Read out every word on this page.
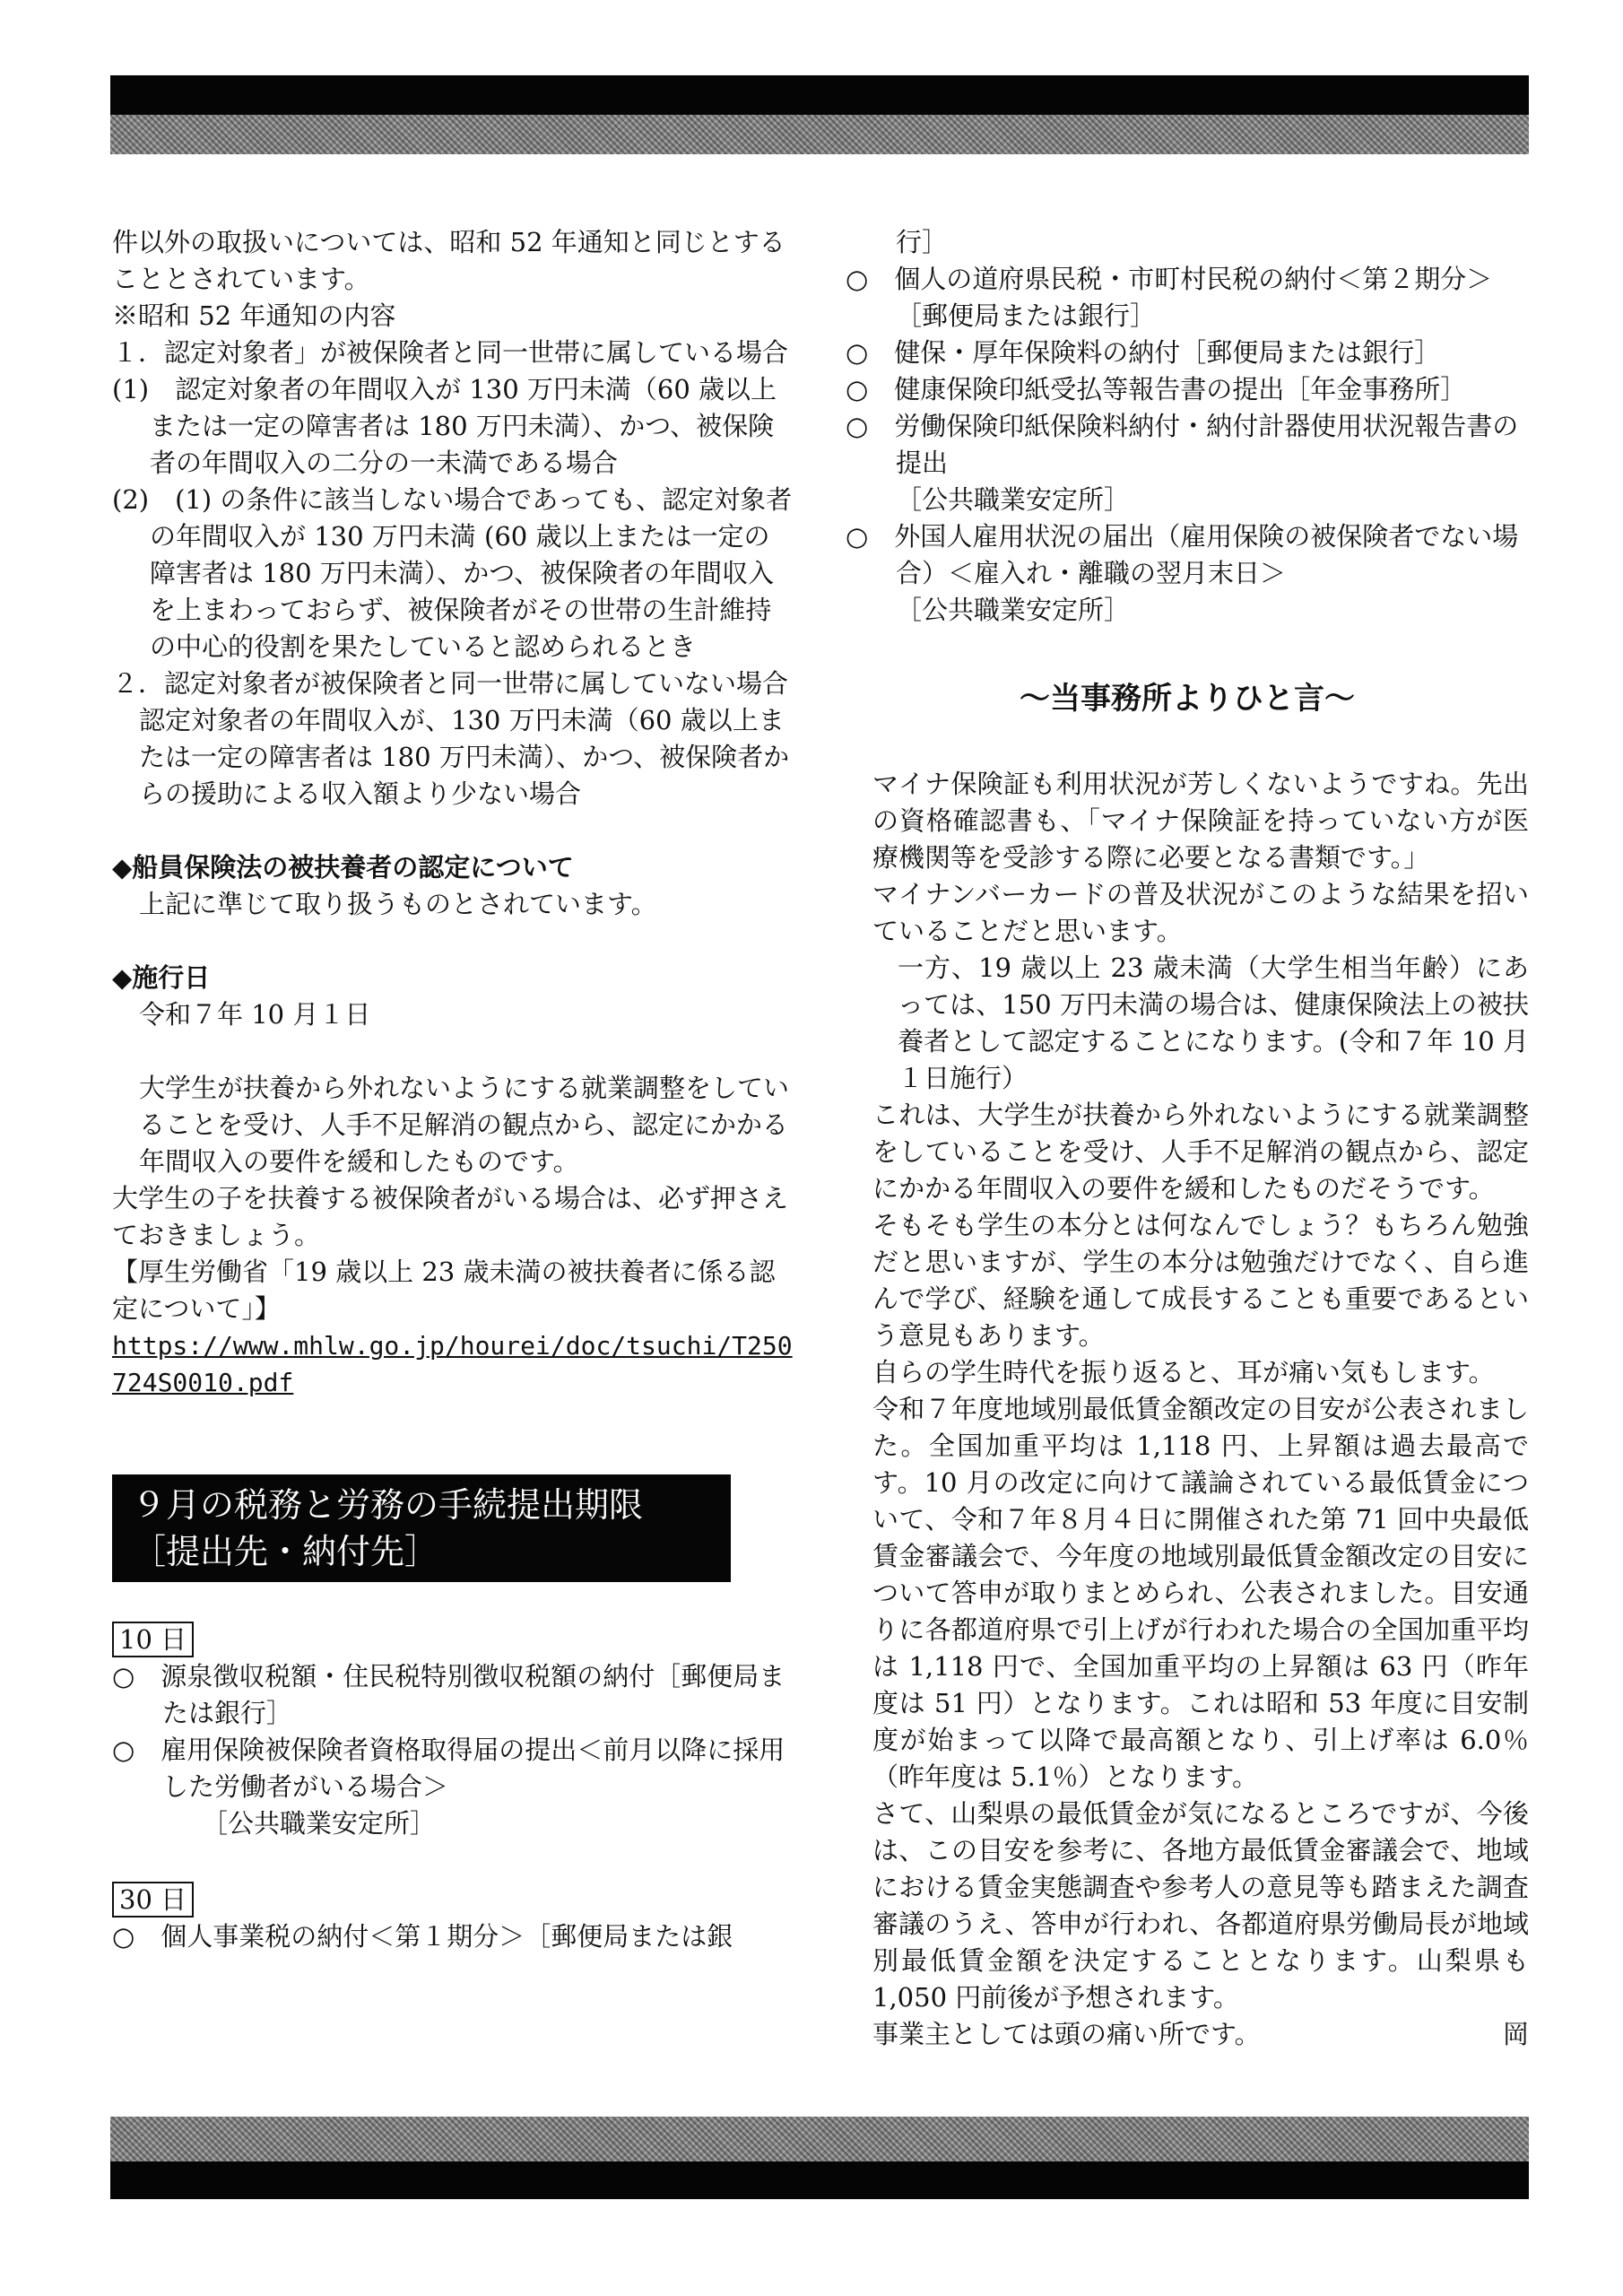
件以外の取扱いについては、昭和 52 年通知と同じとすることとされています。

※昭和 52 年通知の内容

１．認定対象者」が被保険者と同一世帯に属している場合

(1)　認定対象者の年間収入が 130 万円未満（60 歳以上または一定の障害者は 180 万円未満）、かつ、被保険者の年間収入の二分の一未満である場合

(2)　(1) の条件に該当しない場合であっても、認定対象者の年間収入が 130 万円未満 (60 歳以上または一定の障害者は 180 万円未満）、かつ、被保険者の年間収入を上まわっておらず、被保険者がその世帯の生計維持の中心的役割を果たしていると認められるとき

２．認定対象者が被保険者と同一世帯に属していない場合

認定対象者の年間収入が、130 万円未満（60 歳以上または一定の障害者は 180 万円未満）、かつ、被保険者からの援助による収入額より少ない場合

◆船員保険法の被扶養者の認定について

上記に準じて取り扱うものとされています。

◆施行日

令和７年 10 月１日

大学生が扶養から外れないようにする就業調整をしていることを受け、人手不足解消の観点から、認定にかかる年間収入の要件を緩和したものです。

大学生の子を扶養する被保険者がいる場合は、必ず押さえておきましょう。

【厚生労働省「19 歳以上 23 歳未満の被扶養者に係る認定について」】

https://www.mhlw.go.jp/hourei/doc/tsuchi/T250724S0010.pdf

９月の税務と労務の手続提出期限
［提出先・納付先］
10 日

○　源泉徴収税額・住民税特別徴収税額の納付［郵便局または銀行］

○　雇用保険被保険者資格取得届の提出＜前月以降に採用した労働者がいる場合＞

［公共職業安定所］

30 日

○　個人事業税の納付＜第１期分＞［郵便局または銀

行］

○　個人の道府県民税・市町村民税の納付＜第２期分＞［郵便局または銀行］

○　健保・厚年保険料の納付［郵便局または銀行］

○　健康保険印紙受払等報告書の提出［年金事務所］

○　労働保険印紙保険料納付・納付計器使用状況報告書の提出

［公共職業安定所］

○　外国人雇用状況の届出（雇用保険の被保険者でない場合）＜雇入れ・離職の翌月末日＞

［公共職業安定所］

～当事務所よりひと言～

マイナ保険証も利用状況が芳しくないようですね。先出の資格確認書も、「マイナ保険証を持っていない方が医療機関等を受診する際に必要となる書類です。」

マイナンバーカードの普及状況がこのような結果を招いていることだと思います。

一方、19 歳以上 23 歳未満（大学生相当年齢）にあっては、150 万円未満の場合は、健康保険法上の被扶養者として認定することになります。(令和７年 10 月１日施行）

これは、大学生が扶養から外れないようにする就業調整をしていることを受け、人手不足解消の観点から、認定にかかる年間収入の要件を緩和したものだそうです。

そもそも学生の本分とは何なんでしょう？もちろん勉強だと思いますが、学生の本分は勉強だけでなく、自ら進んで学び、経験を通して成長することも重要であるという意見もあります。

自らの学生時代を振り返ると、耳が痛い気もします。

令和７年度地域別最低賃金額改定の目安が公表されました。全国加重平均は 1,118 円、上昇額は過去最高です。10 月の改定に向けて議論されている最低賃金について、令和７年８月４日に開催された第 71 回中央最低賃金審議会で、今年度の地域別最低賃金額改定の目安について答申が取りまとめられ、公表されました。目安通りに各都道府県で引上げが行われた場合の全国加重平均は 1,118 円で、全国加重平均の上昇額は 63 円（昨年度は 51 円）となります。これは昭和 53 年度に目安制度が始まって以降で最高額となり、引上げ率は 6.0％（昨年度は 5.1％）となります。

さて、山梨県の最低賃金が気になるところですが、今後は、この目安を参考に、各地方最低賃金審議会で、地域における賃金実態調査や参考人の意見等も踏まえた調査審議のうえ、答申が行われ、各都道府県労働局長が地域別最低賃金額を決定することとなります。山梨県も 1,050 円前後が予想されます。

事業主としては頭の痛い所です。	岡
